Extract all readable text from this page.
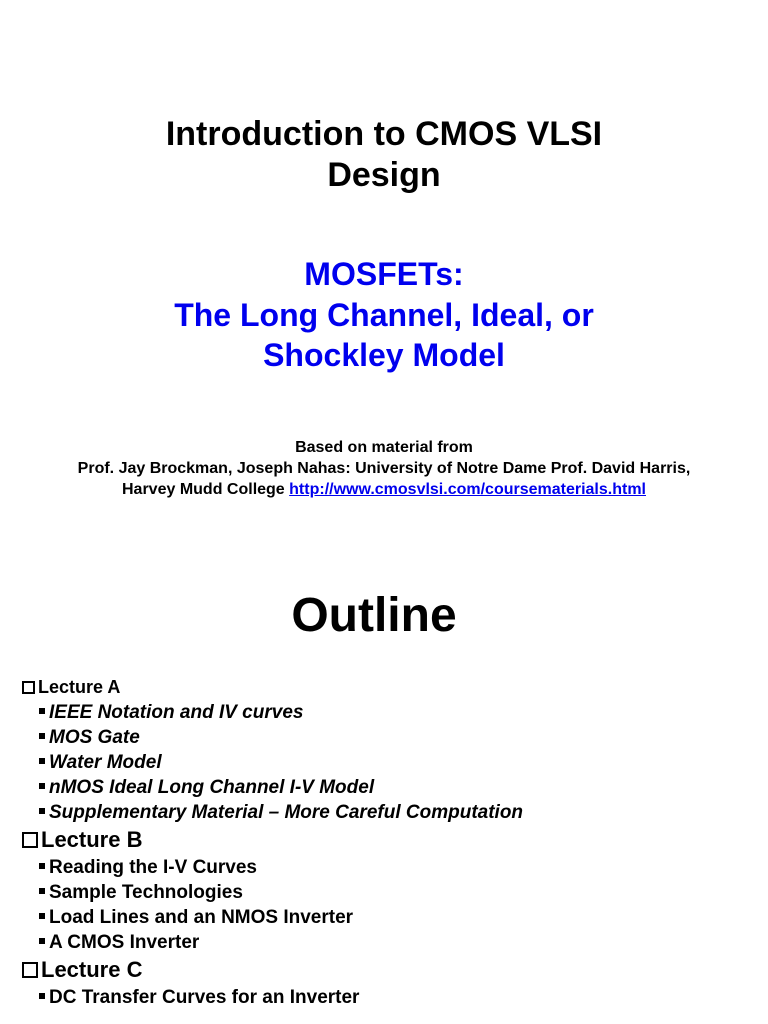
Introduction to CMOS VLSI
Design
MOSFETs:
The Long Channel, Ideal, or
Shockley Model
Based on material from
Prof. Jay Brockman, Joseph Nahas: University of Notre Dame Prof. David Harris,
Harvey Mudd College http://www.cmosvlsi.com/coursematerials.html
Outline
Lecture A
IEEE Notation and IV curves
MOS Gate
Water Model
nMOS Ideal Long Channel I-V Model
Supplementary Material – More Careful Computation
Lecture B
Reading the I-V Curves
Sample Technologies
Load Lines and an NMOS Inverter
A CMOS Inverter
Lecture C
DC Transfer Curves for an Inverter
